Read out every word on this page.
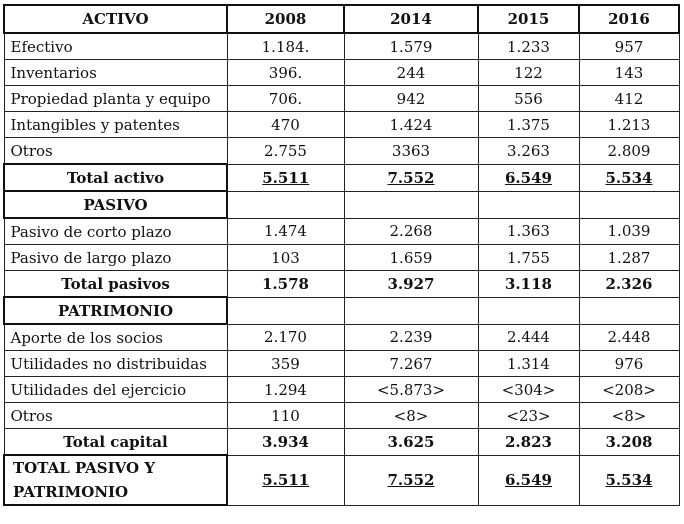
ACTIVO	2008	2014	2015	2016
Efectivo	1.184.	1.579	1.233	957
Inventarios	396.	244	122	143
Propiedad planta y equipo	706.	942	556	412
Intangibles y patentes	470	1.424	1.375	1.213
Otros	2.755	3363	3.263	2.809
Total activo	5.511	7.552	6.549	5.534
PASIVO				
Pasivo de corto plazo	1.474	2.268	1.363	1.039
Pasivo de largo plazo	103	1.659	1.755	1.287
Total pasivos	1.578	3.927	3.118	2.326
PATRIMONIO				
Aporte de los socios	2.170	2.239	2.444	2.448
Utilidades no distribuidas	359	7.267	1.314	976
Utilidades del ejercicio	1.294	<5.873>	<304>	<208>
Otros	110	<8>	<23>	<8>
Total capital	3.934	3.625	2.823	3.208
TOTAL PASIVO Y PATRIMONIO	5.511	7.552	6.549	5.534
